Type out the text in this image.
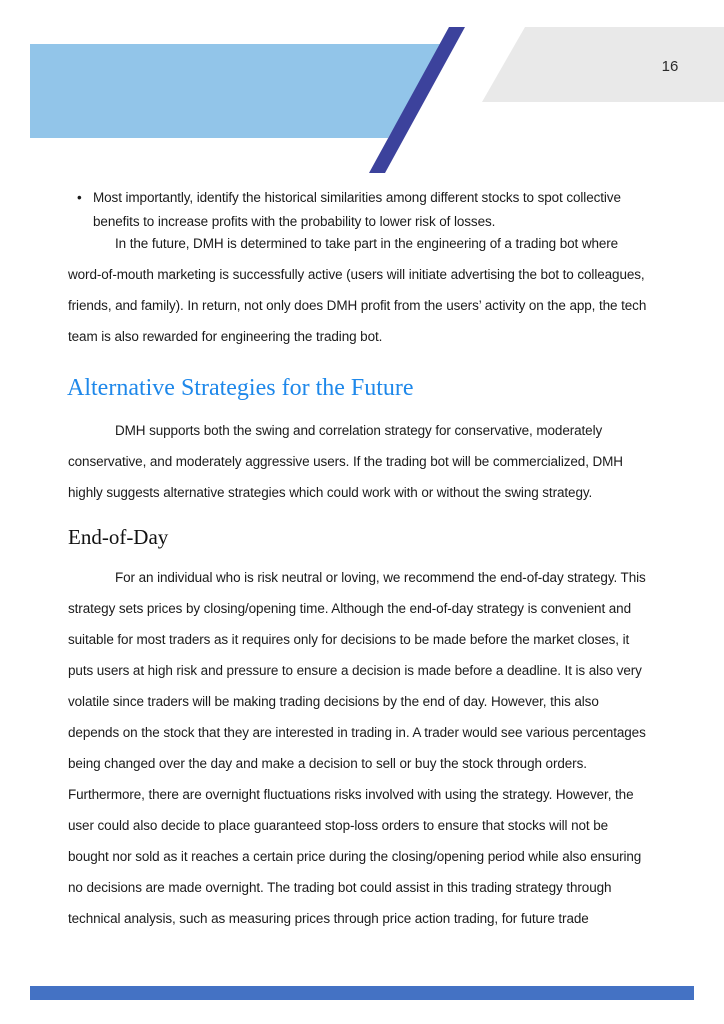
16
• Most importantly, identify the historical similarities among different stocks to spot collective
benefits to increase profits with the probability to lower risk of losses.
In the future, DMH is determined to take part in the engineering of a trading bot where
word-of-mouth marketing is successfully active (users will initiate advertising the bot to colleagues,
friends, and family). In return, not only does DMH profit from the users’ activity on the app, the tech
team is also rewarded for engineering the trading bot.
Alternative Strategies for the Future
DMH supports both the swing and correlation strategy for conservative, moderately
conservative, and moderately aggressive users. If the trading bot will be commercialized, DMH
highly suggests alternative strategies which could work with or without the swing strategy.
End-of-Day
For an individual who is risk neutral or loving, we recommend the end-of-day strategy. This
strategy sets prices by closing/opening time. Although the end-of-day strategy is convenient and
suitable for most traders as it requires only for decisions to be made before the market closes, it
puts users at high risk and pressure to ensure a decision is made before a deadline. It is also very
volatile since traders will be making trading decisions by the end of day. However, this also
depends on the stock that they are interested in trading in. A trader would see various percentages
being changed over the day and make a decision to sell or buy the stock through orders.
Furthermore, there are overnight fluctuations risks involved with using the strategy. However, the
user could also decide to place guaranteed stop-loss orders to ensure that stocks will not be
bought nor sold as it reaches a certain price during the closing/opening period while also ensuring
no decisions are made overnight. The trading bot could assist in this trading strategy through
technical analysis, such as measuring prices through price action trading, for future trade
